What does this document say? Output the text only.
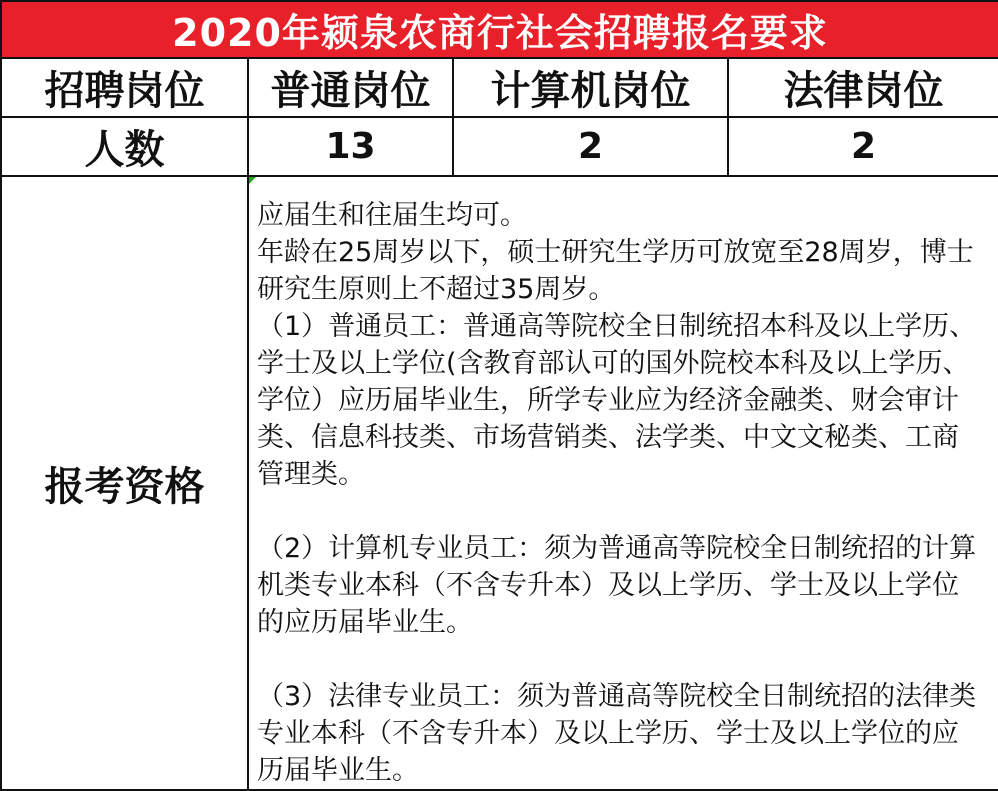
2020年颍泉农商行社会招聘报名要求			
招聘岗位	普通岗位	计算机岗位	法律岗位
人数	13	2	2
报考资格	应届生和往届生均可。

年龄在25周岁以下，硕士研究生学历可放宽至28周岁，博士研究生原则上不超过35周岁。

（1）普通员工：普通高等院校全日制统招本科及以上学历、学士及以上学位(含教育部认可的国外院校本科及以上学历、学位）应历届毕业生，所学专业应为经济金融类、财会审计类、信息科技类、市场营销类、法学类、中文文秘类、工商管理类。

（2）计算机专业员工：须为普通高等院校全日制统招的计算机类专业本科（不含专升本）及以上学历、学士及以上学位的应历届毕业生。

（3）法律专业员工：须为普通高等院校全日制统招的法律类专业本科（不含专升本）及以上学历、学士及以上学位的应历届毕业生。		
